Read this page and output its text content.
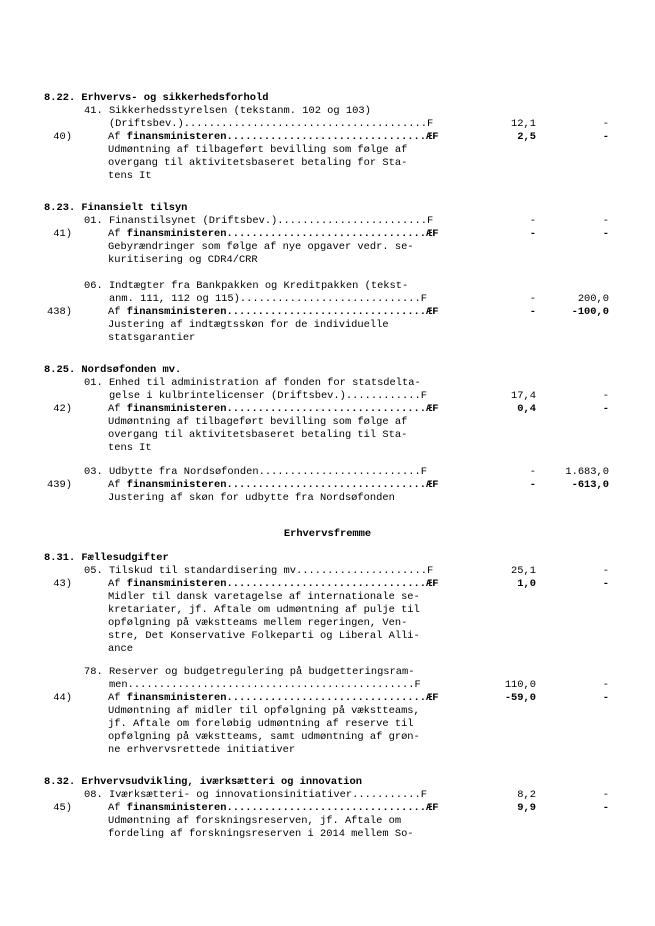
8.22. Erhvervs- og sikkerhedsforhold
41. Sikkerhedsstyrelsen (tekstanm. 102 og 103)
(Driftsbev.).......................................F	12,1	-
40)	Af finansministeren................................ÆF	2,5	-
Udmøntning af tilbageført bevilling som følge af
overgang til aktivitetsbaseret betaling for Sta-
tens It
8.23. Finansielt tilsyn
01. Finanstilsynet (Driftsbev.)........................F	-	-
41)	Af finansministeren................................ÆF	-	-
Gebyrændringer som følge af nye opgaver vedr. se-
kuritisering og CDR4/CRR
06. Indtægter fra Bankpakken og Kreditpakken (tekst-
anm. 111, 112 og 115).............................F	-	200,0
438)	Af finansministeren................................ÆF	-	-100,0
Justering af indtægtsskøn for de individuelle
statsgarantier
8.25. Nordsøfonden mv.
01. Enhed til administration af fonden for statsdelta-
gelse i kulbrintelicenser (Driftsbev.)............F	17,4	-
42)	Af finansministeren................................ÆF	0,4	-
Udmøntning af tilbageført bevilling som følge af
overgang til aktivitetsbaseret betaling til Sta-
tens It
03. Udbytte fra Nordsøfonden..........................F	-	1.683,0
439)	Af finansministeren................................ÆF	-	-613,0
Justering af skøn for udbytte fra Nordsøfonden
Erhvervsfremme
8.31. Fællesudgifter
05. Tilskud til standardisering mv.....................F	25,1	-
43)	Af finansministeren................................ÆF	1,0	-
Midler til dansk varetagelse af internationale se-
kretariater, jf. Aftale om udmøntning af pulje til
opfølgning på vækstteams mellem regeringen, Ven-
stre, Det Konservative Folkeparti og Liberal Alli-
ance
78. Reserver og budgetregulering på budgetteringsram-
men..............................................F	110,0	-
44)	Af finansministeren................................ÆF	-59,0	-
Udmøntning af midler til opfølgning på vækstteams,
jf. Aftale om foreløbig udmøntning af reserve til
opfølgning på vækstteams, samt udmøntning af grøn-
ne erhvervsrettede initiativer
8.32. Erhvervsudvikling, iværksætteri og innovation
08. Iværksætteri- og innovationsinitiativer...........F	8,2	-
45)	Af finansministeren................................ÆF	9,9	-
Udmøntning af forskningsreserven, jf. Aftale om
fordeling af forskningsreserven i 2014 mellem So-
